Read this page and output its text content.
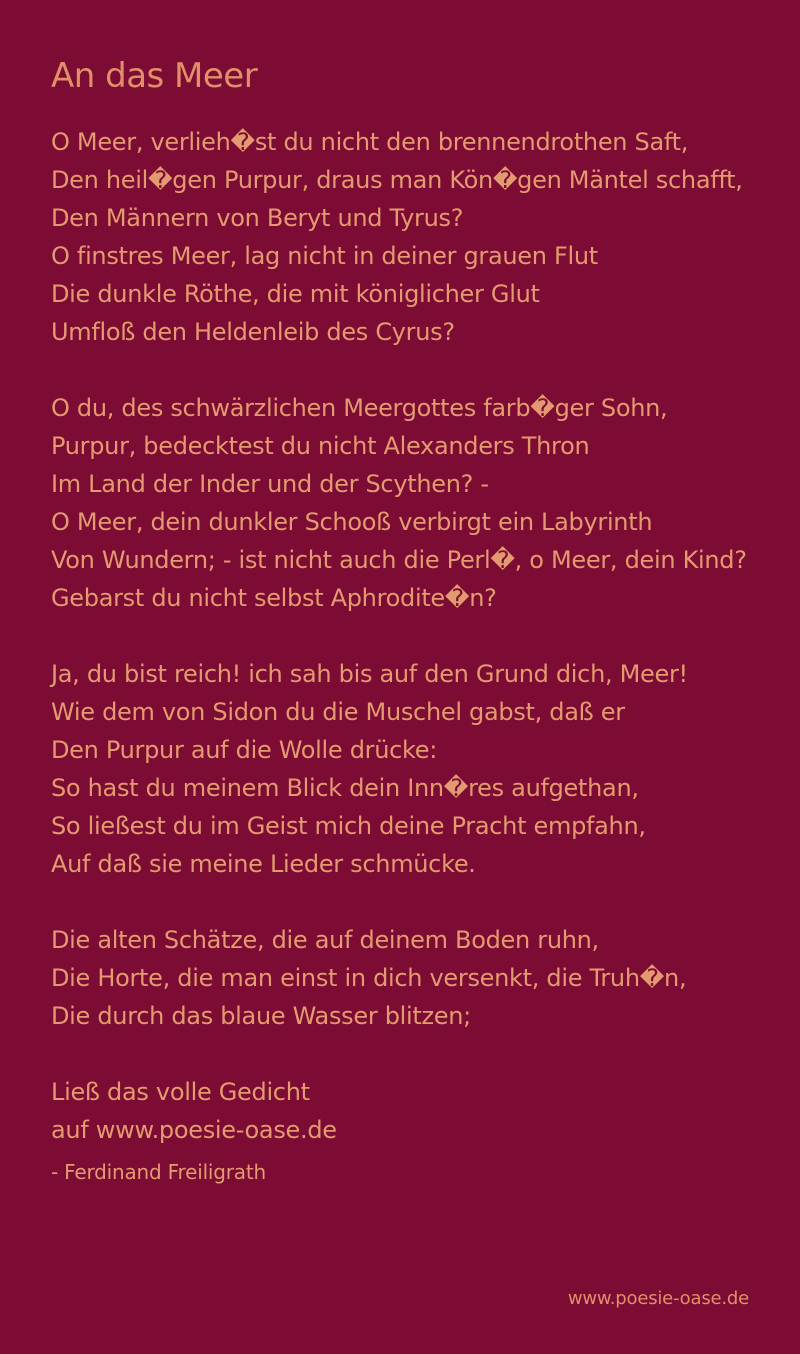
An das Meer
O Meer, verlieh�st du nicht den brennendrothen Saft,
Den heil�gen Purpur, draus man Kön�gen Mäntel schafft,
Den Männern von Beryt und Tyrus?
O finstres Meer, lag nicht in deiner grauen Flut
Die dunkle Röthe, die mit königlicher Glut
Umfloß den Heldenleib des Cyrus?
O du, des schwärzlichen Meergottes farb�ger Sohn,
Purpur, bedecktest du nicht Alexanders Thron
Im Land der Inder und der Scythen? -
O Meer, dein dunkler Schooß verbirgt ein Labyrinth
Von Wundern; - ist nicht auch die Perl�, o Meer, dein Kind?
Gebarst du nicht selbst Aphrodite�n?
Ja, du bist reich! ich sah bis auf den Grund dich, Meer!
Wie dem von Sidon du die Muschel gabst, daß er
Den Purpur auf die Wolle drücke:
So hast du meinem Blick dein Inn�res aufgethan,
So ließest du im Geist mich deine Pracht empfahn,
Auf daß sie meine Lieder schmücke.
Die alten Schätze, die auf deinem Boden ruhn,
Die Horte, die man einst in dich versenkt, die Truh�n,
Die durch das blaue Wasser blitzen;
Ließ das volle Gedicht
auf www.poesie-oase.de
- Ferdinand Freiligrath
www.poesie-oase.de
